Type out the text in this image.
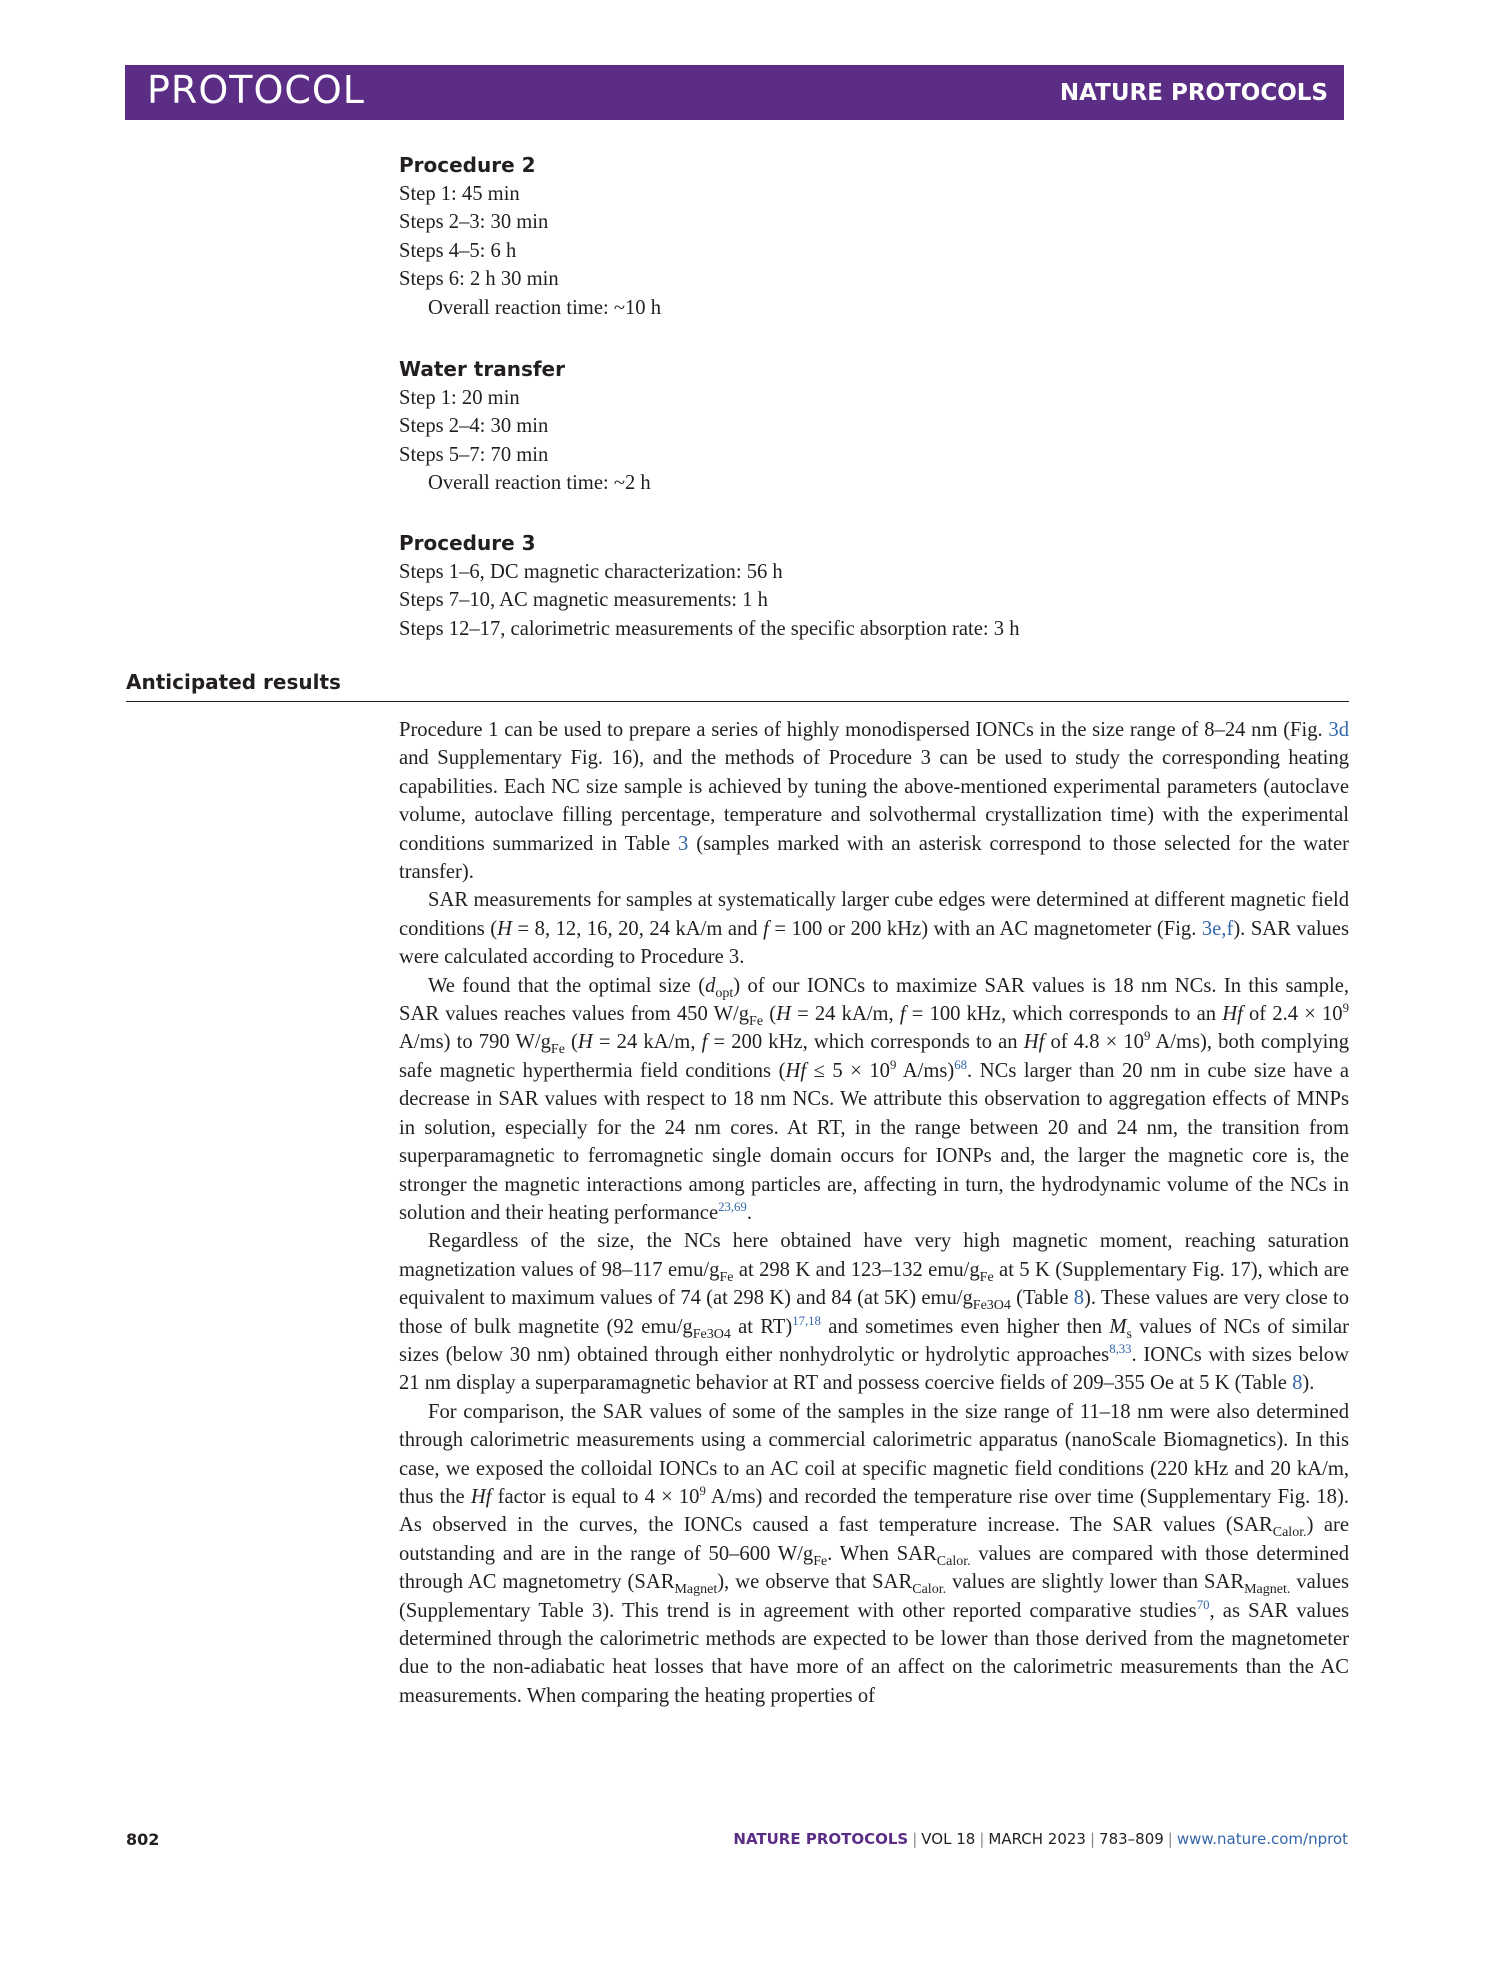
PROTOCOL	NATURE PROTOCOLS

Procedure 2

Step 1: 45 min

Steps 2–3: 30 min

Steps 4–5: 6 h

Steps 6: 2 h 30 min

Overall reaction time: ~10 h

Water transfer

Step 1: 20 min

Steps 2–4: 30 min

Steps 5–7: 70 min

Overall reaction time: ~2 h

Procedure 3

Steps 1–6, DC magnetic characterization: 56 h

Steps 7–10, AC magnetic measurements: 1 h

Steps 12–17, calorimetric measurements of the specific absorption rate: 3 h

Anticipated results

Procedure 1 can be used to prepare a series of highly monodispersed IONCs in the size range of 8–24 nm (Fig. 3d and Supplementary Fig. 16), and the methods of Procedure 3 can be used to study the corresponding heating capabilities. Each NC size sample is achieved by tuning the above-mentioned experimental parameters (autoclave volume, autoclave filling percentage, temperature and solvothermal crystallization time) with the experimental conditions summarized in Table 3 (samples marked with an asterisk correspond to those selected for the water transfer).

SAR measurements for samples at systematically larger cube edges were determined at different magnetic field conditions (H = 8, 12, 16, 20, 24 kA/m and f = 100 or 200 kHz) with an AC magnetometer (Fig. 3e,f). SAR values were calculated according to Procedure 3.

We found that the optimal size $(d_{opt})$ of our IONCs to maximize SAR values is 18 nm NCs. In this sample, SAR values reaches values from 450 $W/g_{Fe}$ (H = 24 kA/m, f = 100 kHz, which corresponds to an Hf of $2.4 \times 10^9$ A/ms) to 790 $W/g_{Fe}$ (H = 24 kA/m, f = 200 kHz, which corresponds to an Hf of $4.8 \times 10^9$ A/ms), both complying safe magnetic hyperthermia field conditions ($Hf \le 5 \times 10^9$ A/ms)$^{68}$. NCs larger than 20 nm in cube size have a decrease in SAR values with respect to 18 nm NCs. We attribute this observation to aggregation effects of MNPs in solution, especially for the 24 nm cores. At RT, in the range between 20 and 24 nm, the transition from superparamagnetic to ferromagnetic single domain occurs for IONPs and, the larger the magnetic core is, the stronger the magnetic interactions among particles are, affecting in turn, the hydrodynamic volume of the NCs in solution and their heating performance$^{23,69}$.

Regardless of the size, the NCs here obtained have very high magnetic moment, reaching saturation magnetization values of 98–117 emu/$g_{Fe}$ at 298 K and 123–132 emu/$g_{Fe}$ at 5 K (Supplementary Fig. 17), which are equivalent to maximum values of 74 (at 298 K) and 84 (at 5K) emu/$g_{Fe3O4}$ (Table 8). These values are very close to those of bulk magnetite (92 emu/$g_{Fe3O4}$ at RT)$^{17,18}$ and sometimes even higher then $M_s$ values of NCs of similar sizes (below 30 nm) obtained through either nonhydrolytic or hydrolytic approaches$^{8,33}$. IONCs with sizes below 21 nm display a superparamagnetic behavior at RT and possess coercive fields of 209–355 Oe at 5 K (Table 8).

For comparison, the SAR values of some of the samples in the size range of 11–18 nm were also determined through calorimetric measurements using a commercial calorimetric apparatus (nanoScale Biomagnetics). In this case, we exposed the colloidal IONCs to an AC coil at specific magnetic field conditions (220 kHz and 20 kA/m, thus the Hf factor is equal to $4 \times 10^9$ A/ms) and recorded the temperature rise over time (Supplementary Fig. 18). As observed in the curves, the IONCs caused a fast temperature increase. The SAR values $(SAR_{Calor.})$ are outstanding and are in the range of 50–600 $W/g_{Fe}$. When $SAR_{Calor.}$ values are compared with those determined through AC magnetometry $(SAR_{Magnet})$, we observe that $SAR_{Calor.}$ values are slightly lower than $SAR_{Magnet.}$ values (Supplementary Table 3). This trend is in agreement with other reported comparative studies$^{70}$, as SAR values determined through the calorimetric methods are expected to be lower than those derived from the magnetometer due to the non-adiabatic heat losses that have more of an affect on the calorimetric measurements than the AC measurements. When comparing the heating properties of

802	NATURE PROTOCOLS | VOL 18 | MARCH 2023 | 783–809 | www.nature.com/nprot
